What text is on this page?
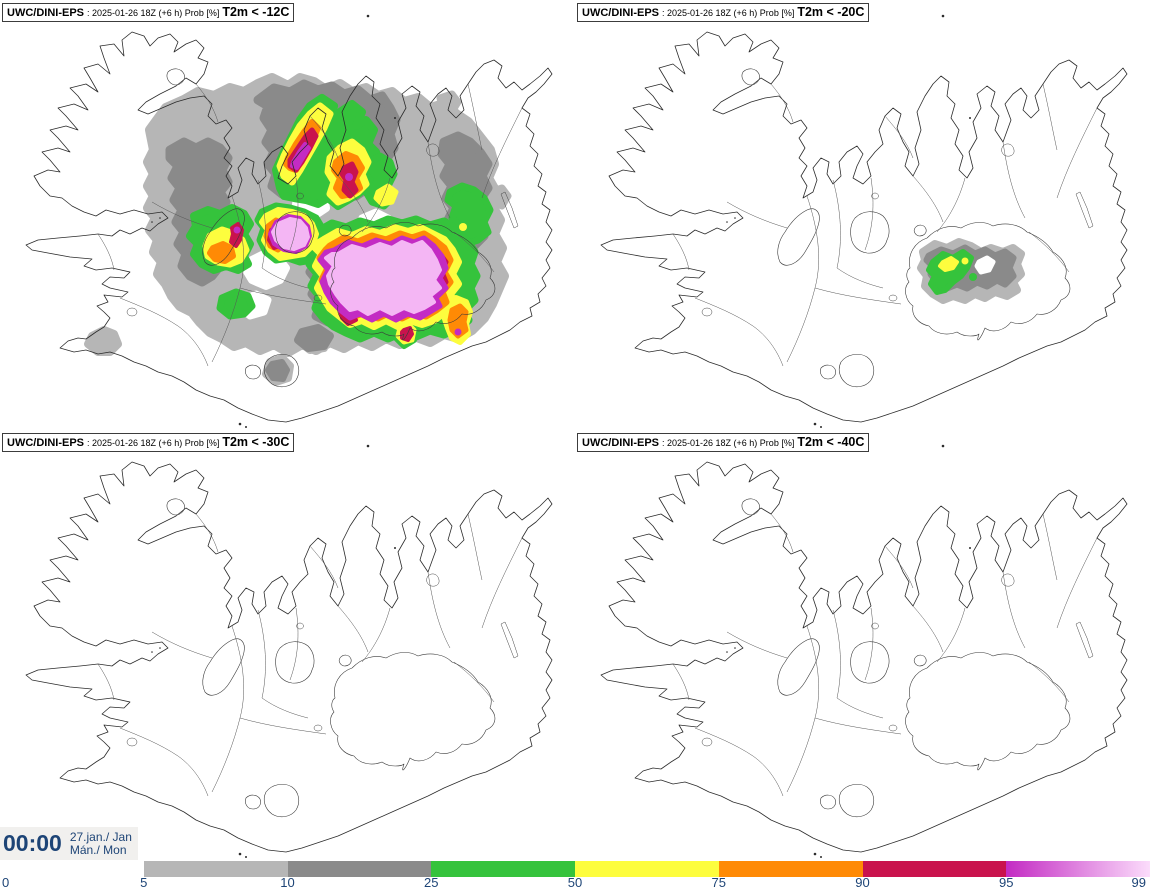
UWC/DINI-EPS : 2025-01-26 18Z (+6 h) Prob [%] T2m < -12C	UWC/DINI-EPS : 2025-01-26 18Z (+6 h) Prob [%] T2m < -20C
UWC/DINI-EPS : 2025-01-26 18Z (+6 h) Prob [%] T2m < -30C	UWC/DINI-EPS : 2025-01-26 18Z (+6 h) Prob [%] T2m < -40C
00:00 27.jan./ Jan
Mán./ Mon
0	5	10	25	50	75	90	95	99
